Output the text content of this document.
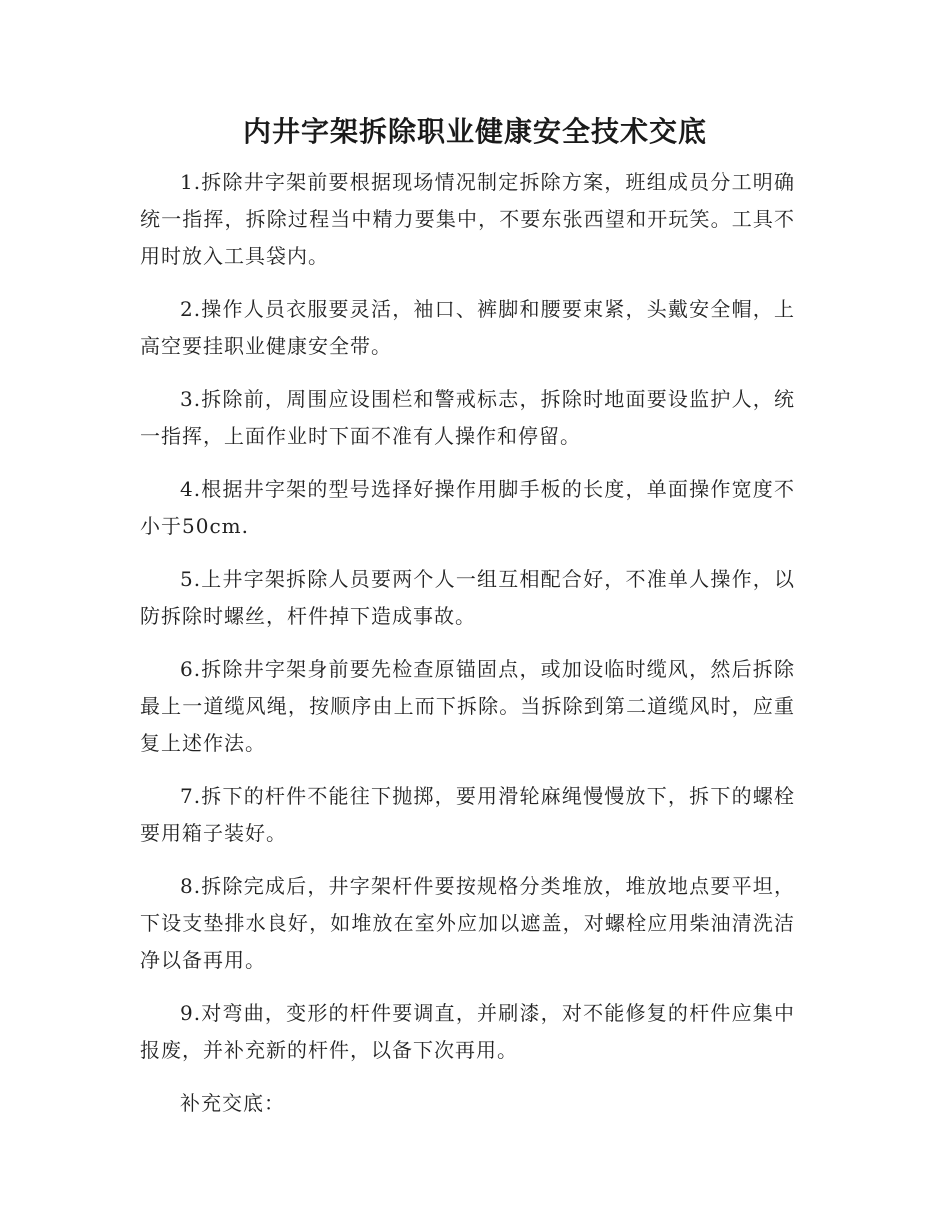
内井字架拆除职业健康安全技术交底

1.拆除井字架前要根据现场情况制定拆除方案，班组成员分工明确统一指挥，拆除过程当中精力要集中，不要东张西望和开玩笑。工具不用时放入工具袋内。

2.操作人员衣服要灵活，袖口、裤脚和腰要束紧，头戴安全帽，上高空要挂职业健康安全带。

3.拆除前，周围应设围栏和警戒标志，拆除时地面要设监护人，统一指挥，上面作业时下面不准有人操作和停留。

4.根据井字架的型号选择好操作用脚手板的长度，单面操作宽度不小于50cm.

5.上井字架拆除人员要两个人一组互相配合好，不准单人操作，以防拆除时螺丝，杆件掉下造成事故。

6.拆除井字架身前要先检查原锚固点，或加设临时缆风，然后拆除最上一道缆风绳，按顺序由上而下拆除。当拆除到第二道缆风时，应重复上述作法。

7.拆下的杆件不能往下抛掷，要用滑轮麻绳慢慢放下，拆下的螺栓要用箱子装好。

8.拆除完成后，井字架杆件要按规格分类堆放，堆放地点要平坦，下设支垫排水良好，如堆放在室外应加以遮盖，对螺栓应用柴油清洗洁净以备再用。

9.对弯曲，变形的杆件要调直，并刷漆，对不能修复的杆件应集中报废，并补充新的杆件，以备下次再用。

补充交底：
